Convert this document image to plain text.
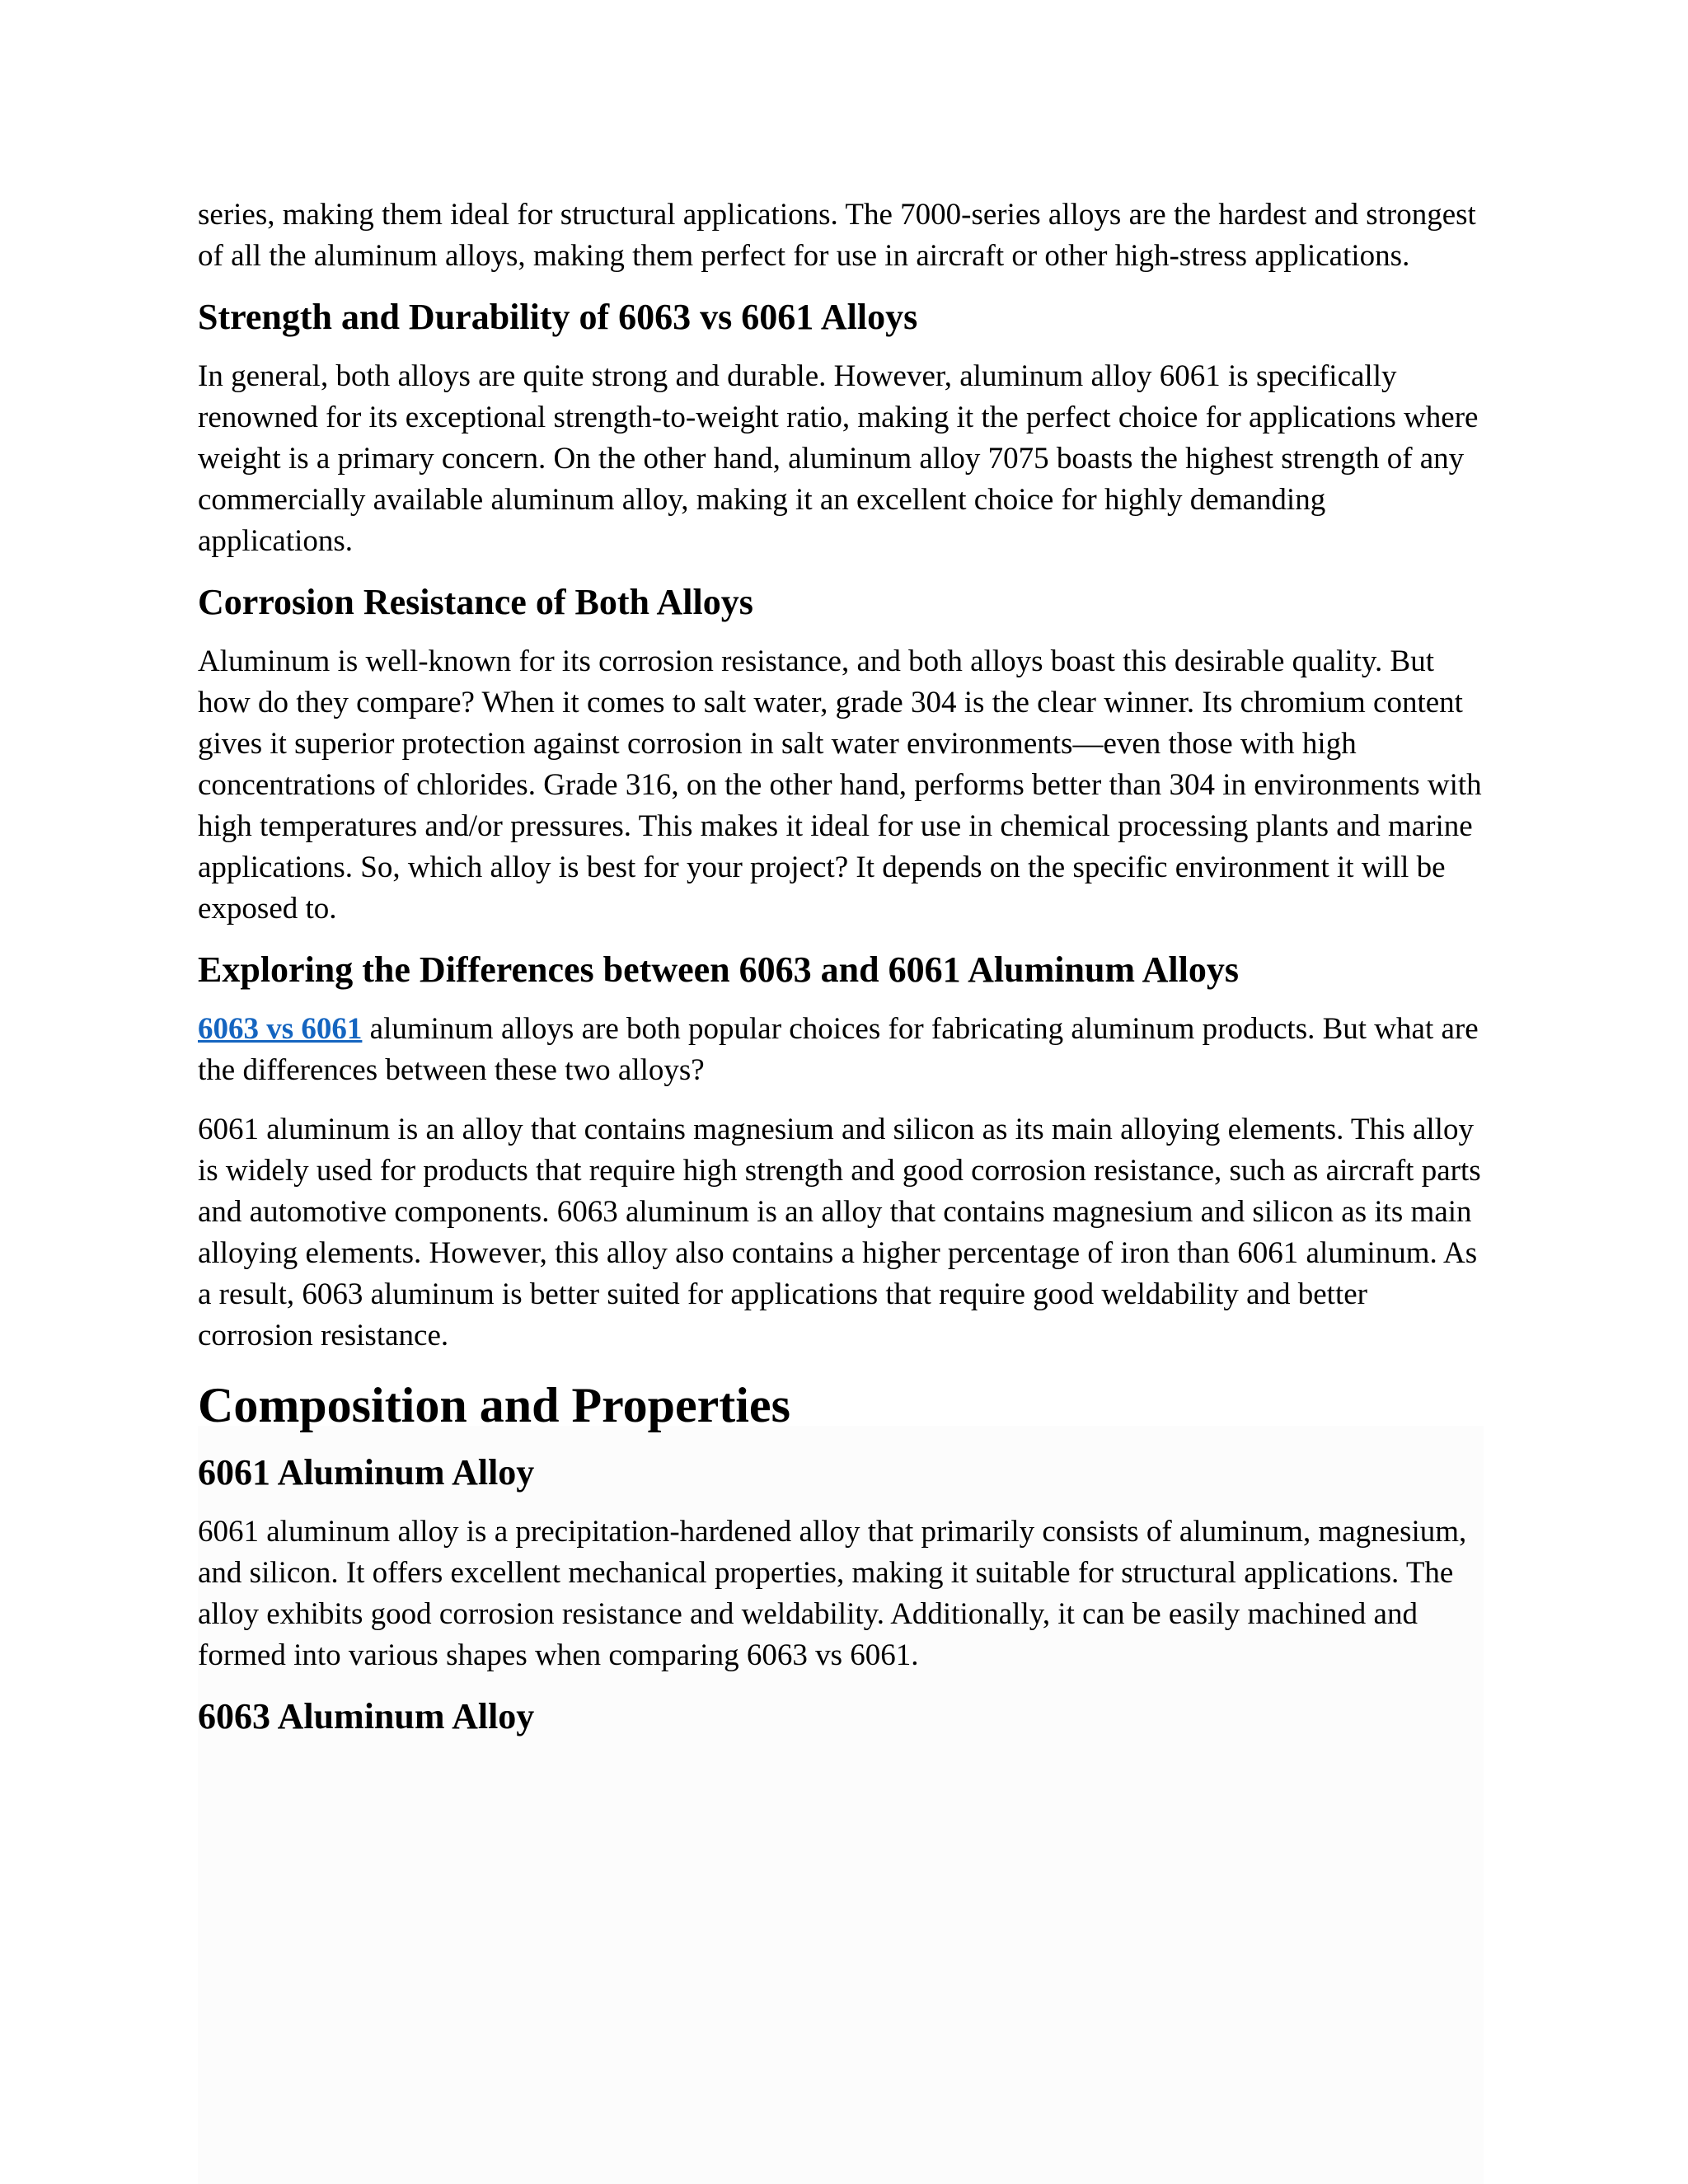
series, making them ideal for structural applications. The 7000-series alloys are the hardest and strongest of all the aluminum alloys, making them perfect for use in aircraft or other high-stress applications.

Strength and Durability of 6063 vs 6061 Alloys

In general, both alloys are quite strong and durable. However, aluminum alloy 6061 is specifically renowned for its exceptional strength-to-weight ratio, making it the perfect choice for applications where weight is a primary concern. On the other hand, aluminum alloy 7075 boasts the highest strength of any commercially available aluminum alloy, making it an excellent choice for highly demanding applications.

Corrosion Resistance of Both Alloys

Aluminum is well-known for its corrosion resistance, and both alloys boast this desirable quality. But how do they compare? When it comes to salt water, grade 304 is the clear winner. Its chromium content gives it superior protection against corrosion in salt water environments—even those with high concentrations of chlorides. Grade 316, on the other hand, performs better than 304 in environments with high temperatures and/or pressures. This makes it ideal for use in chemical processing plants and marine applications. So, which alloy is best for your project? It depends on the specific environment it will be exposed to.

Exploring the Differences between 6063 and 6061 Aluminum Alloys

6063 vs 6061 aluminum alloys are both popular choices for fabricating aluminum products. But what are the differences between these two alloys?

6061 aluminum is an alloy that contains magnesium and silicon as its main alloying elements. This alloy is widely used for products that require high strength and good corrosion resistance, such as aircraft parts and automotive components. 6063 aluminum is an alloy that contains magnesium and silicon as its main alloying elements. However, this alloy also contains a higher percentage of iron than 6061 aluminum. As a result, 6063 aluminum is better suited for applications that require good weldability and better corrosion resistance.

Composition and Properties
6061 Aluminum Alloy

6061 aluminum alloy is a precipitation-hardened alloy that primarily consists of aluminum, magnesium, and silicon. It offers excellent mechanical properties, making it suitable for structural applications. The alloy exhibits good corrosion resistance and weldability. Additionally, it can be easily machined and formed into various shapes when comparing 6063 vs 6061.

6063 Aluminum Alloy
